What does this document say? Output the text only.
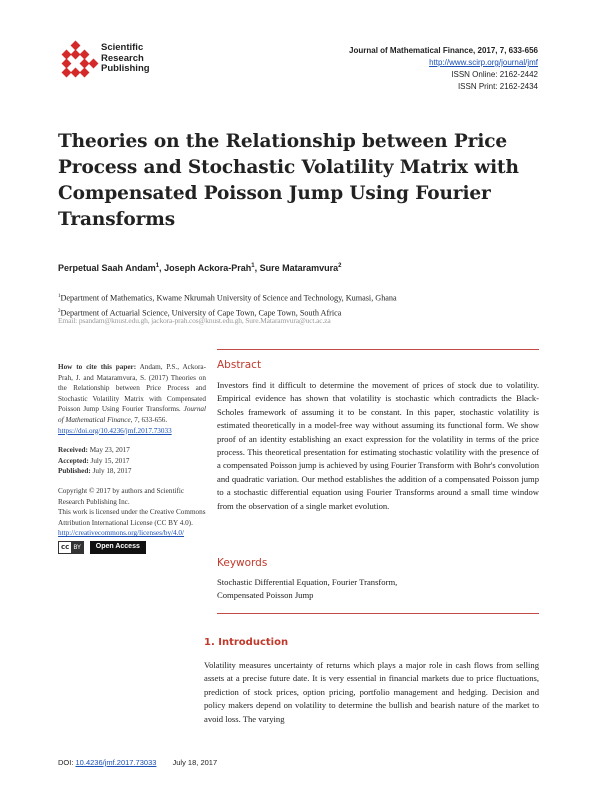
Scientific
Research
Publishing
Journal of Mathematical Finance, 2017, 7, 633-656
http://www.scirp.org/journal/jmf
ISSN Online: 2162-2442
ISSN Print: 2162-2434
Theories on the Relationship between Price Process and Stochastic Volatility Matrix with Compensated Poisson Jump Using Fourier Transforms
Perpetual Saah Andam$^1$, Joseph Ackora-Prah$^1$, Sure Mataramvura$^2$
$^1$Department of Mathematics, Kwame Nkrumah University of Science and Technology, Kumasi, Ghana
$^2$Department of Actuarial Science, University of Cape Town, Cape Town, South Africa
Email: psandam@knust.edu.gh, jackora-prah.cos@knust.edu.gh, Sure.Mataramvura@uct.ac.za

How to cite this paper: Andam, P.S., Ackora-Prah, J. and Mataramvura, S. (2017) Theories on the Relationship between Price Process and Stochastic Volatility Matrix with Compensated Poisson Jump Using Fourier Transforms. Journal of Mathematical Finance, 7, 633-656.
https://doi.org/10.4236/jmf.2017.73033

Received: May 23, 2017

Accepted: July 15, 2017

Published: July 18, 2017

Copyright © 2017 by authors and Scientific Research Publishing Inc.

This work is licensed under the Creative Commons Attribution International License (CC BY 4.0).

http://creativecommons.org/licenses/by/4.0/

cc BY	Open Access
Abstract
Investors find it difficult to determine the movement of prices of stock due to volatility. Empirical evidence has shown that volatility is stochastic which contradicts the Black-Scholes framework of assuming it to be constant. In this paper, stochastic volatility is estimated theoretically in a model-free way without assuming its functional form. We show proof of an identity establishing an exact expression for the volatility in terms of the price process. This theoretical presentation for estimating stochastic volatility with the presence of a compensated Poisson jump is achieved by using Fourier Transform with Bohr's convolution and quadratic variation. Our method establishes the addition of a compensated Poisson jump to a stochastic differential equation using Fourier Transforms around a small time window from the observation of a single market evolution.
Keywords
Stochastic Differential Equation, Fourier Transform,
Compensated Poisson Jump
1. Introduction
Volatility measures uncertainty of returns which plays a major role in cash flows from selling assets at a precise future date. It is very essential in financial markets due to price fluctuations, prediction of stock prices, option pricing, portfolio management and hedging. Decision and policy makers depend on volatility to determine the bullish and bearish nature of the market to avoid loss. The varying
DOI: 10.4236/jmf.2017.73033 July 18, 2017
